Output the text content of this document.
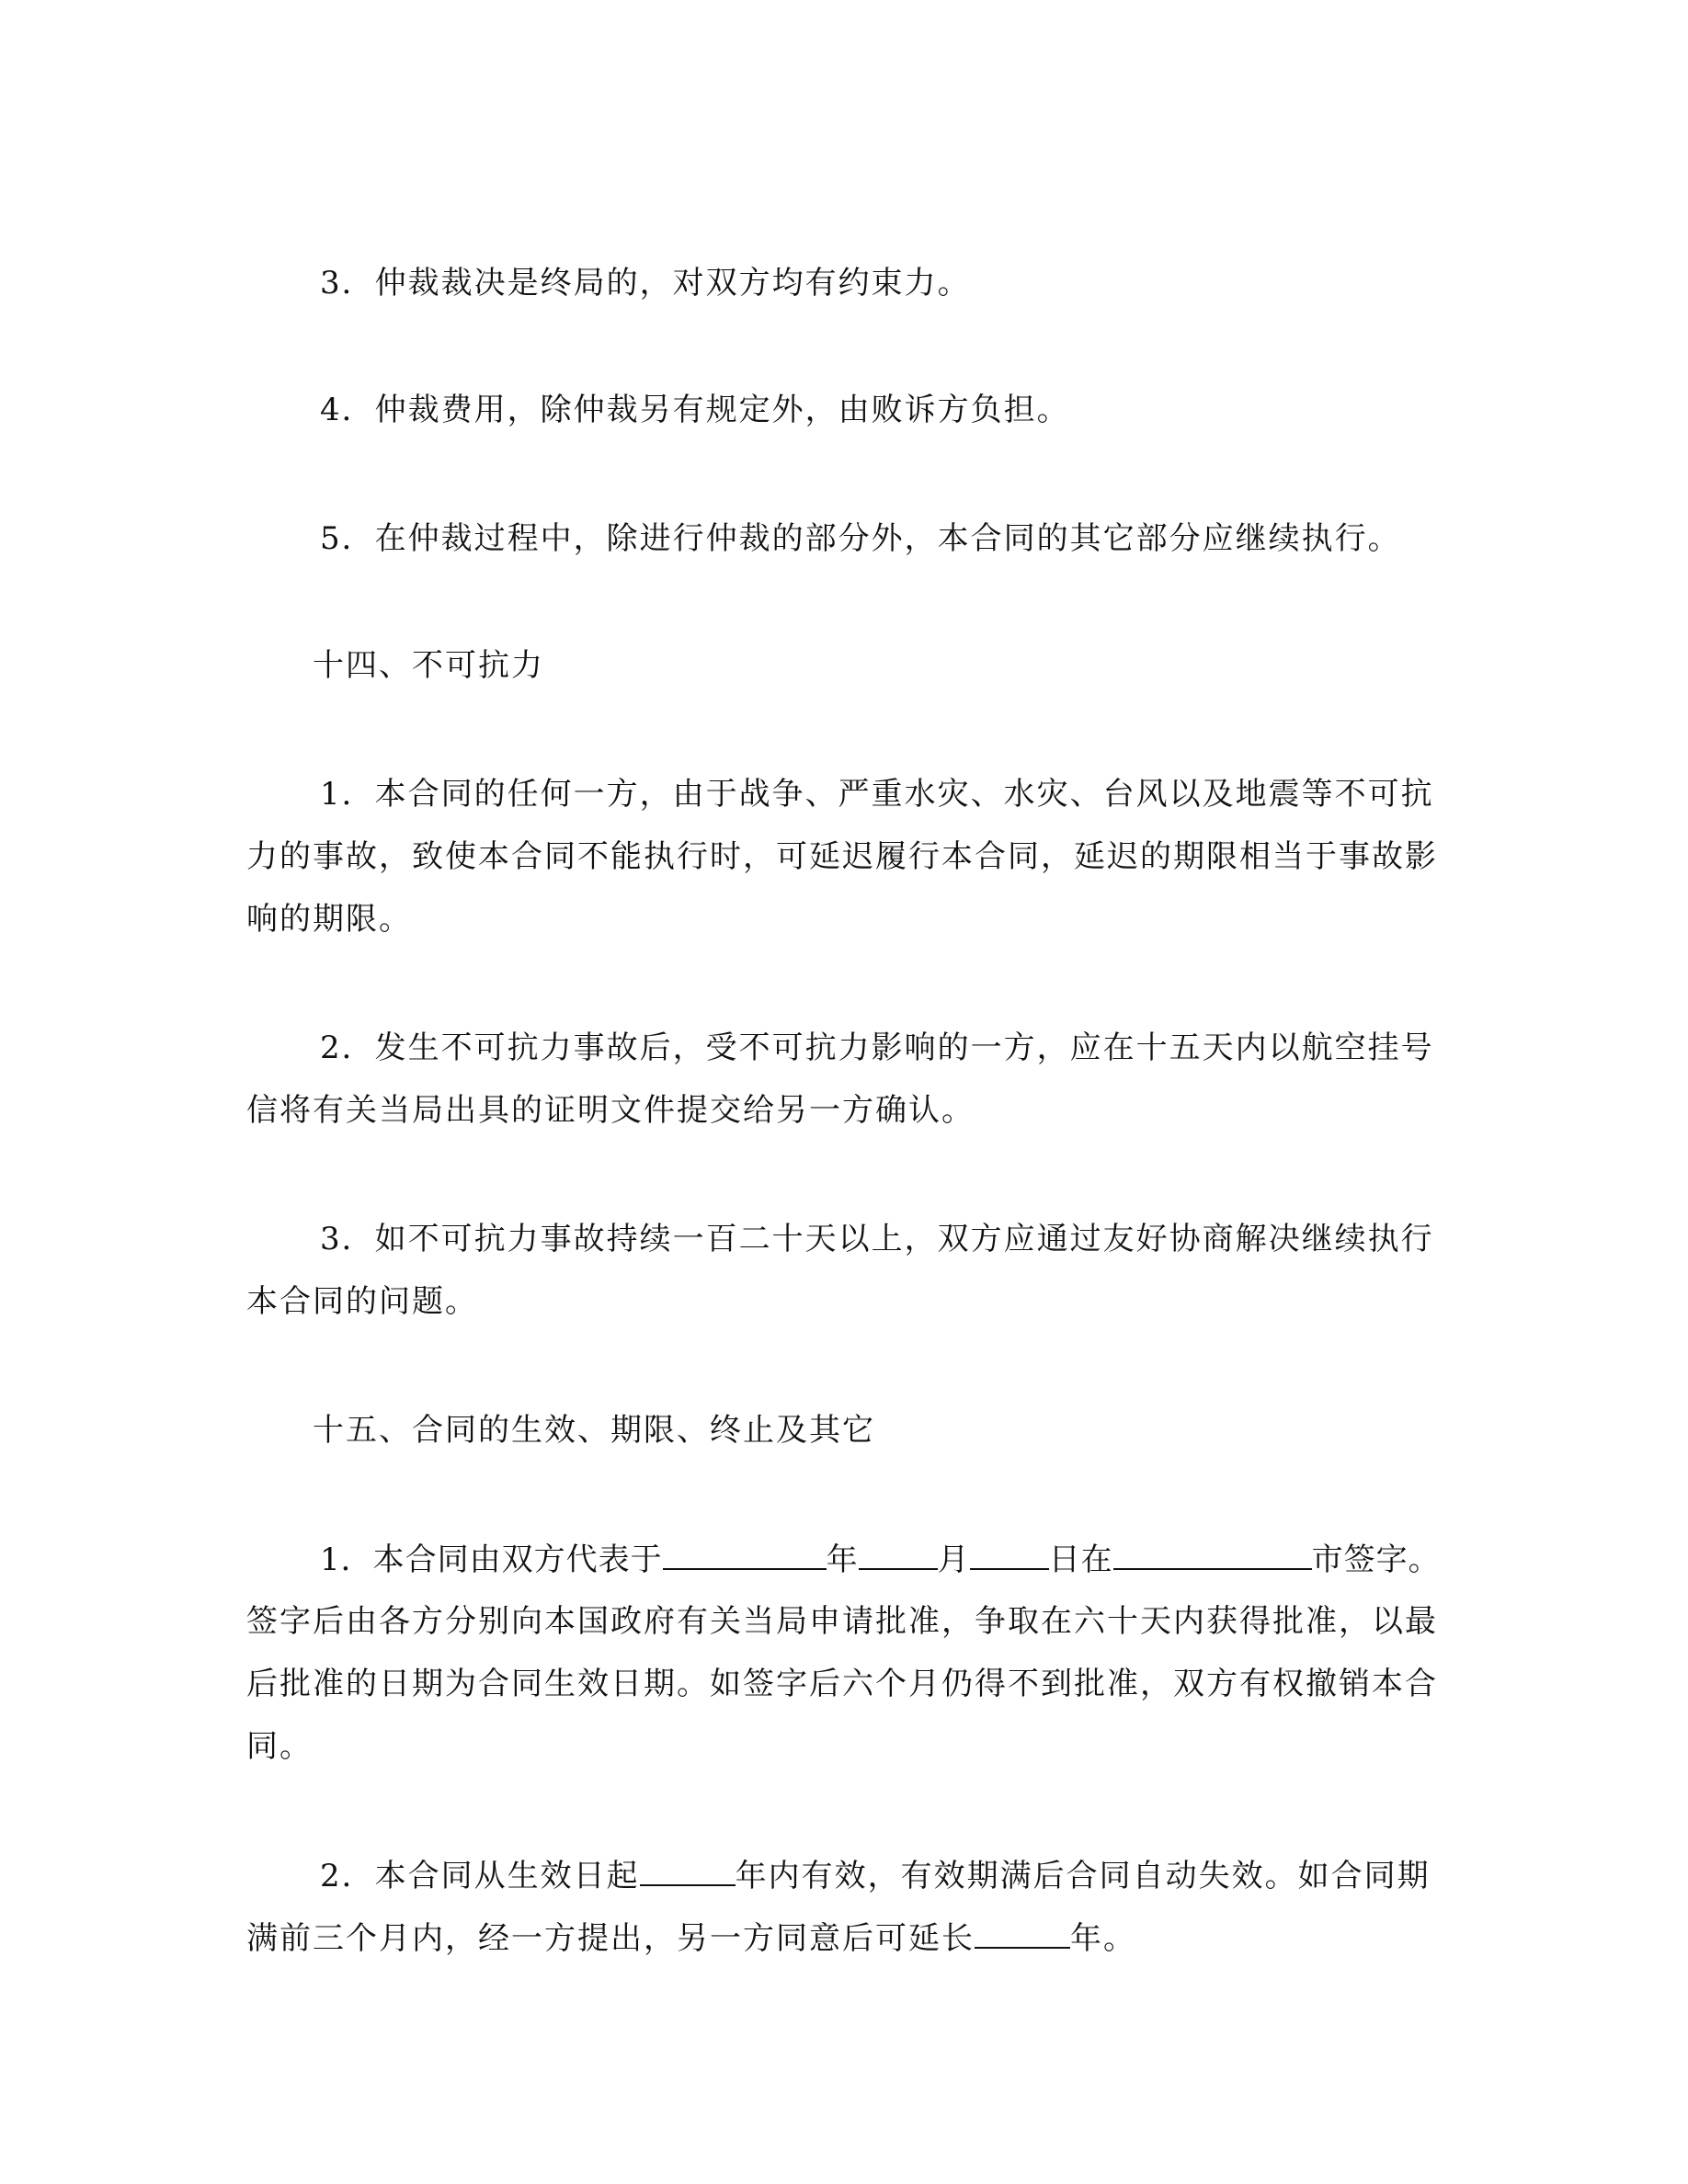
3．仲裁裁决是终局的，对双方均有约束力。
4．仲裁费用，除仲裁另有规定外，由败诉方负担。
5．在仲裁过程中，除进行仲裁的部分外，本合同的其它部分应继续执行。
十四、不可抗力
1．本合同的任何一方，由于战争、严重水灾、水灾、台风以及地震等不可抗
力的事故，致使本合同不能执行时，可延迟履行本合同，延迟的期限相当于事故影
响的期限。
2．发生不可抗力事故后，受不可抗力影响的一方，应在十五天内以航空挂号
信将有关当局出具的证明文件提交给另一方确认。
3．如不可抗力事故持续一百二十天以上，双方应通过友好协商解决继续执行
本合同的问题。
十五、合同的生效、期限、终止及其它
1．本合同由双方代表于	年	月	日在	市签字。
签字后由各方分别向本国政府有关当局申请批准，争取在六十天内获得批准，以最
后批准的日期为合同生效日期。如签字后六个月仍得不到批准，双方有权撤销本合
同。
2．本合同从生效日起	年内有效，有效期满后合同自动失效。如合同期
满前三个月内，经一方提出，另一方同意后可延长	年。
